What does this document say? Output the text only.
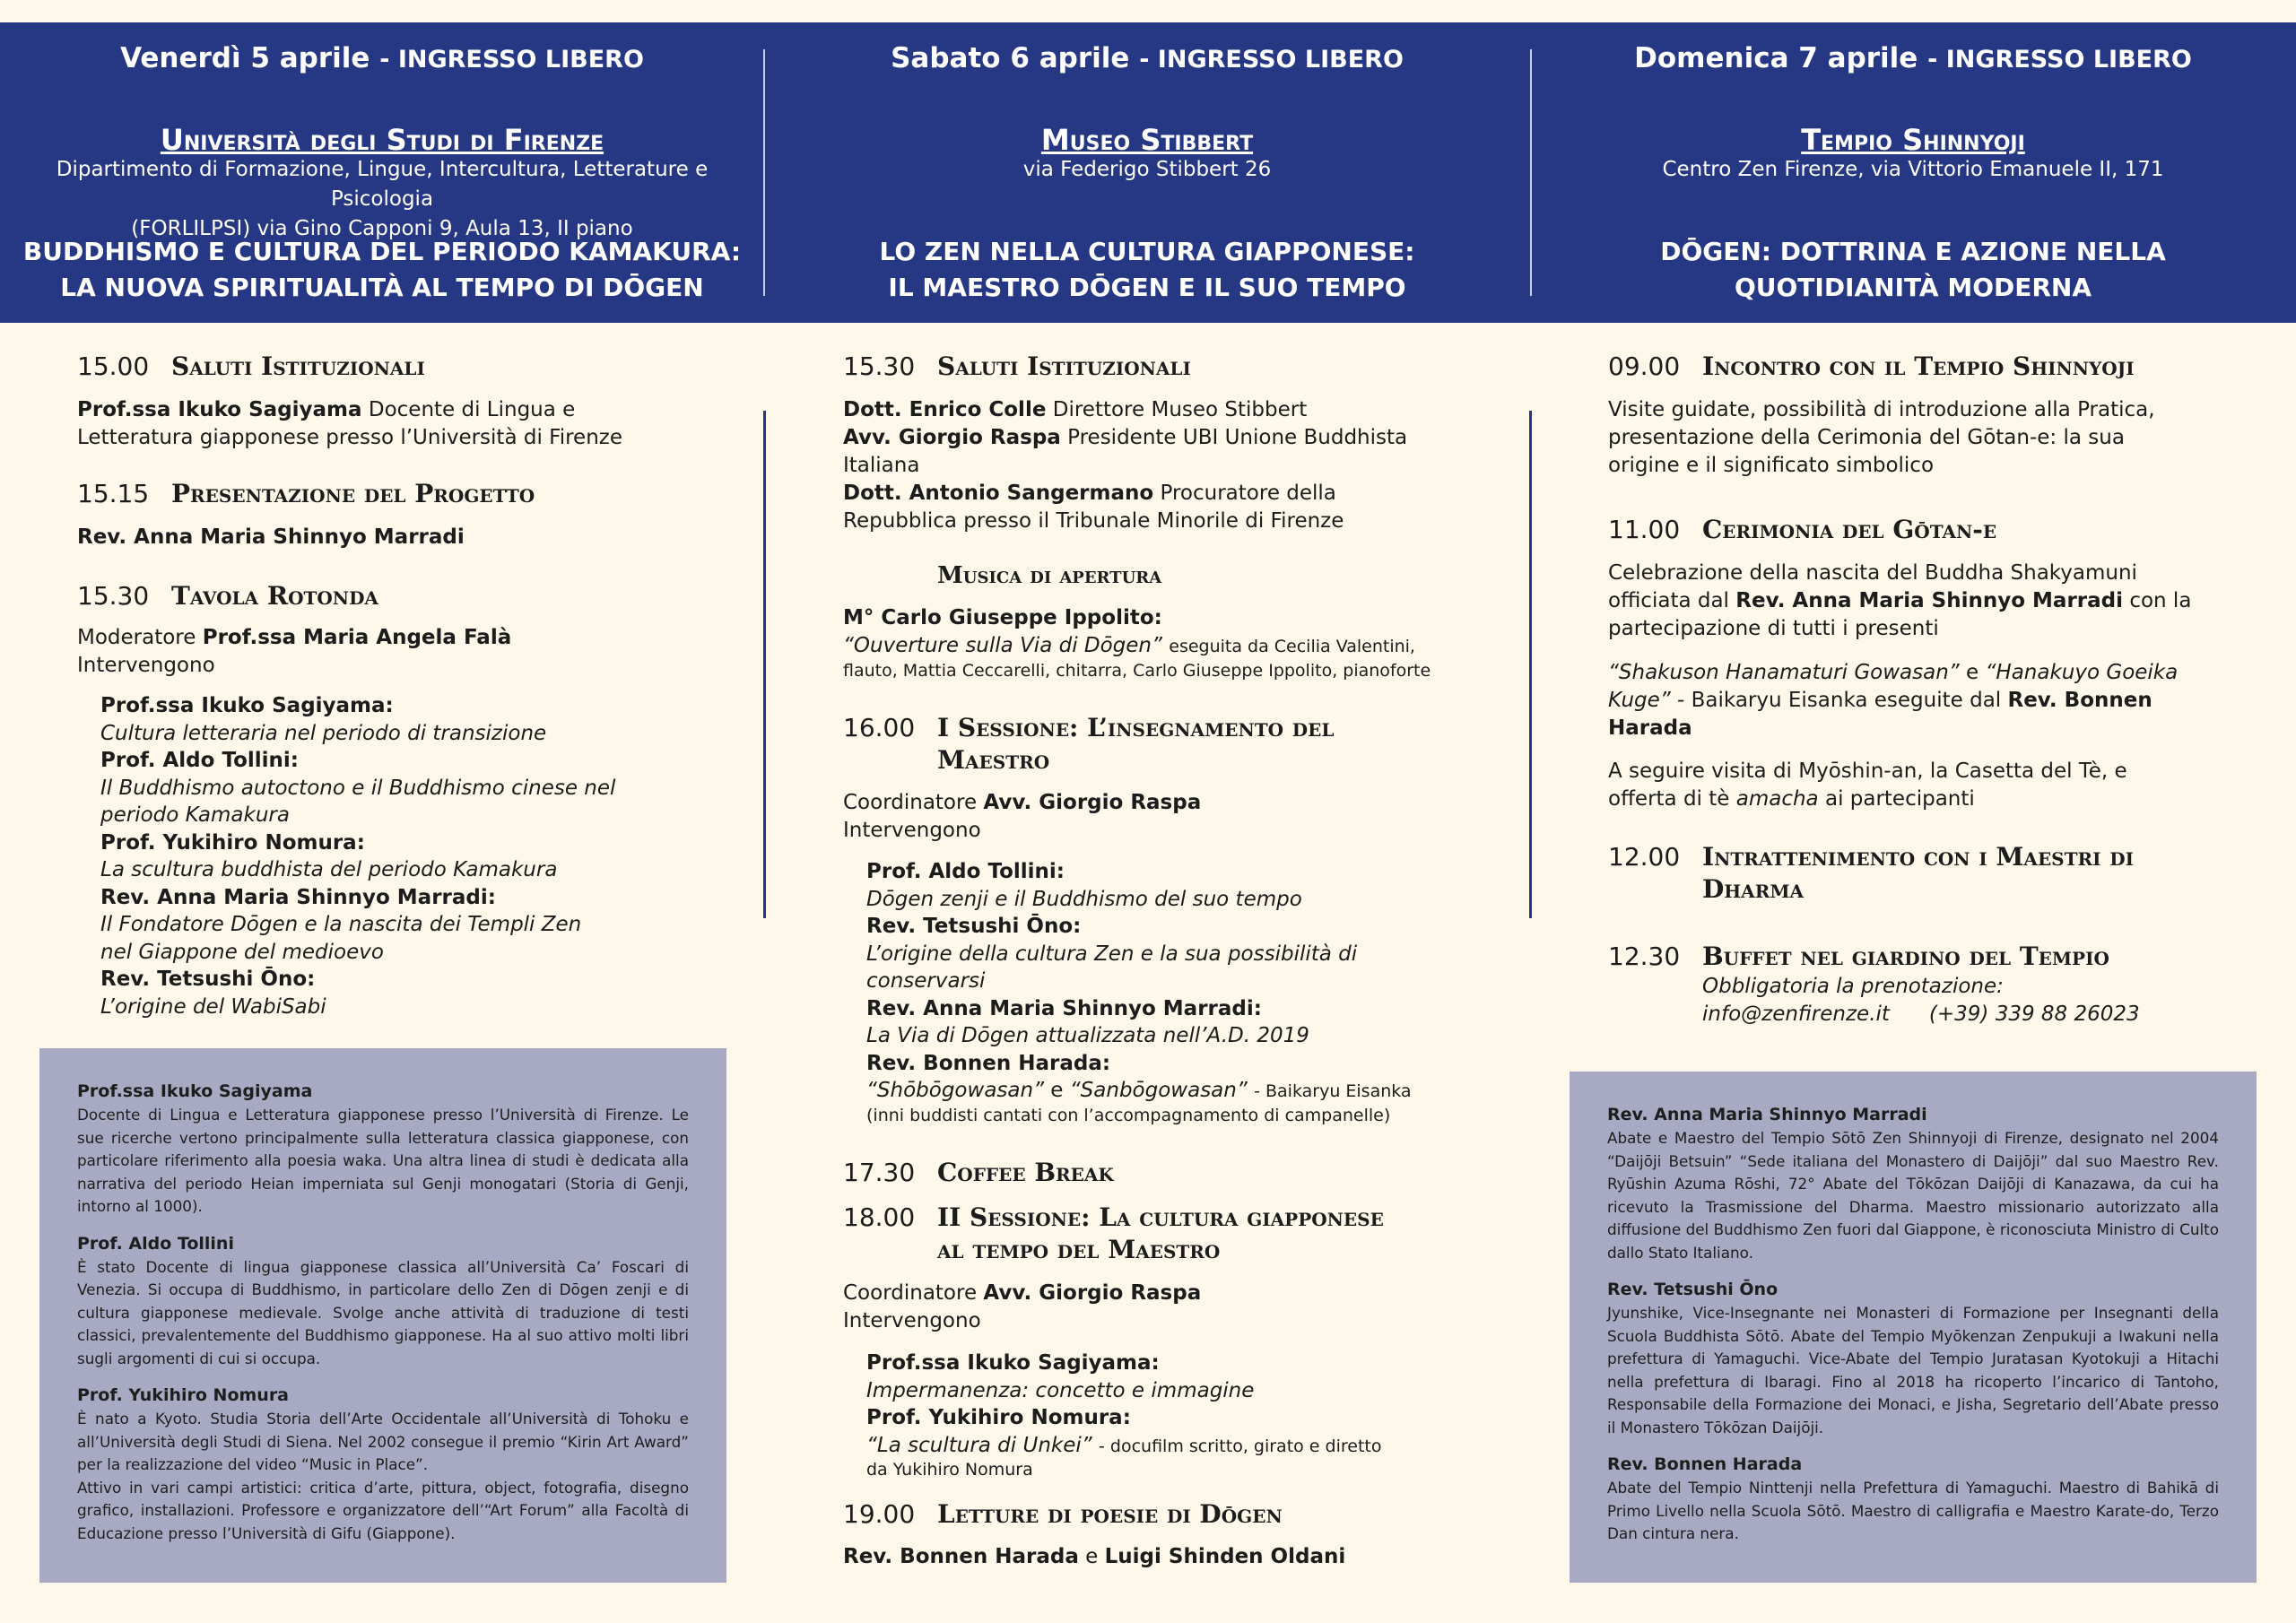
Venerdì 5 aprile - INGRESSO LIBERO
Università degli Studi di Firenze
Dipartimento di Formazione, Lingue, Intercultura, Letterature e Psicologia
(FORLILPSI) via Gino Capponi 9, Aula 13, II piano
BUDDHISMO E CULTURA DEL PERIODO KAMAKURA:
LA NUOVA SPIRITUALITÀ AL TEMPO DI DŌGEN
Sabato 6 aprile - INGRESSO LIBERO
Museo Stibbert
via Federigo Stibbert 26
LO ZEN NELLA CULTURA GIAPPONESE:
IL MAESTRO DŌGEN E IL SUO TEMPO
Domenica 7 aprile - INGRESSO LIBERO
Tempio Shinnyoji
Centro Zen Firenze, via Vittorio Emanuele II, 171
DŌGEN: DOTTRINA E AZIONE NELLA
QUOTIDIANITÀ MODERNA
15.00 Saluti Istituzionali
Prof.ssa Ikuko Sagiyama Docente di Lingua e
Letteratura giapponese presso l’Università di Firenze
15.15 Presentazione del Progetto
Rev. Anna Maria Shinnyo Marradi
15.30 Tavola Rotonda
Moderatore Prof.ssa Maria Angela Falà
Intervengono
Prof.ssa Ikuko Sagiyama:
Cultura letteraria nel periodo di transizione
Prof. Aldo Tollini:
Il Buddhismo autoctono e il Buddhismo cinese nel
periodo Kamakura
Prof. Yukihiro Nomura:
La scultura buddhista del periodo Kamakura
Rev. Anna Maria Shinnyo Marradi:
Il Fondatore Dōgen e la nascita dei Templi Zen
nel Giappone del medioevo
Rev. Tetsushi Ōno:
L’origine del WabiSabi
15.30 Saluti Istituzionali
Dott. Enrico Colle Direttore Museo Stibbert
Avv. Giorgio Raspa Presidente UBI Unione Buddhista
Italiana
Dott. Antonio Sangermano Procuratore della
Repubblica presso il Tribunale Minorile di Firenze
Musica di apertura
M° Carlo Giuseppe Ippolito:
“Ouverture sulla Via di Dōgen” eseguita da Cecilia Valentini,
flauto, Mattia Ceccarelli, chitarra, Carlo Giuseppe Ippolito, pianoforte
16.00 I Sessione: L’insegnamento del
Maestro
Coordinatore Avv. Giorgio Raspa
Intervengono
Prof. Aldo Tollini:
Dōgen zenji e il Buddhismo del suo tempo
Rev. Tetsushi Ōno:
L’origine della cultura Zen e la sua possibilità di
conservarsi
Rev. Anna Maria Shinnyo Marradi:
La Via di Dōgen attualizzata nell’A.D. 2019
Rev. Bonnen Harada:
“Shōbōgowasan” e “Sanbōgowasan” - Baikaryu Eisanka
(inni buddisti cantati con l’accompagnamento di campanelle)
17.30 Coffee Break
18.00 II Sessione: La cultura giapponese
al tempo del Maestro
Coordinatore Avv. Giorgio Raspa
Intervengono
Prof.ssa Ikuko Sagiyama:
Impermanenza: concetto e immagine
Prof. Yukihiro Nomura:
“La scultura di Unkei” - docufilm scritto, girato e diretto
da Yukihiro Nomura
19.00 Letture di poesie di Dōgen
Rev. Bonnen Harada e Luigi Shinden Oldani
09.00 Incontro con il Tempio Shinnyoji
Visite guidate, possibilità di introduzione alla Pratica,
presentazione della Cerimonia del Gōtan-e: la sua
origine e il significato simbolico
11.00 Cerimonia del Gōtan-e
Celebrazione della nascita del Buddha Shakyamuni
officiata dal Rev. Anna Maria Shinnyo Marradi con la
partecipazione di tutti i presenti
“Shakuson Hanamaturi Gowasan” e “Hanakuyo Goeika
Kuge” - Baikaryu Eisanka eseguite dal Rev. Bonnen
Harada
A seguire visita di Myōshin-an, la Casetta del Tè, e
offerta di tè amacha ai partecipanti
12.00 Intrattenimento con i Maestri di
Dharma
12.30 Buffet nel giardino del Tempio
Obbligatoria la prenotazione:
info@zenfirenze.it (+39) 339 88 26023
Prof.ssa Ikuko Sagiyama

Docente di Lingua e Letteratura giapponese presso l’Università di Firenze. Le sue ricerche vertono principalmente sulla letteratura classica giapponese, con particolare riferimento alla poesia waka. Una altra linea di studi è dedicata alla narrativa del periodo Heian imperniata sul Genji monogatari (Storia di Genji, intorno al 1000).

Prof. Aldo Tollini

È stato Docente di lingua giapponese classica all’Università Ca’ Foscari di Venezia. Si occupa di Buddhismo, in particolare dello Zen di Dōgen zenji e di cultura giapponese medievale. Svolge anche attività di traduzione di testi classici, prevalentemente del Buddhismo giapponese. Ha al suo attivo molti libri sugli argomenti di cui si occupa.

Prof. Yukihiro Nomura

È nato a Kyoto. Studia Storia dell’Arte Occidentale all’Università di Tohoku e all’Università degli Studi di Siena. Nel 2002 consegue il premio “Kirin Art Award” per la realizzazione del video “Music in Place”.

Attivo in vari campi artistici: critica d’arte, pittura, object, fotografia, disegno grafico, installazioni. Professore e organizzatore dell’“Art Forum” alla Facoltà di Educazione presso l’Università di Gifu (Giappone).

Rev. Anna Maria Shinnyo Marradi

Abate e Maestro del Tempio Sōtō Zen Shinnyoji di Firenze, designato nel 2004 “Daijōji Betsuin” “Sede italiana del Monastero di Daijōji” dal suo Maestro Rev. Ryūshin Azuma Rōshi, 72° Abate del Tōkōzan Daijōji di Kanazawa, da cui ha ricevuto la Trasmissione del Dharma. Maestro missionario autorizzato alla diffusione del Buddhismo Zen fuori dal Giappone, è riconosciuta Ministro di Culto dallo Stato Italiano.

Rev. Tetsushi Ōno

Jyunshike, Vice-Insegnante nei Monasteri di Formazione per Insegnanti della Scuola Buddhista Sōtō. Abate del Tempio Myōkenzan Zenpukuji a Iwakuni nella prefettura di Yamaguchi. Vice-Abate del Tempio Juratasan Kyotokuji a Hitachi nella prefettura di Ibaragi. Fino al 2018 ha ricoperto l’incarico di Tantoho, Responsabile della Formazione dei Monaci, e Jisha, Segretario dell’Abate presso il Monastero Tōkōzan Daijōji.

Rev. Bonnen Harada

Abate del Tempio Ninttenji nella Prefettura di Yamaguchi. Maestro di Bahikā di Primo Livello nella Scuola Sōtō. Maestro di calligrafia e Maestro Karate-do, Terzo Dan cintura nera.
